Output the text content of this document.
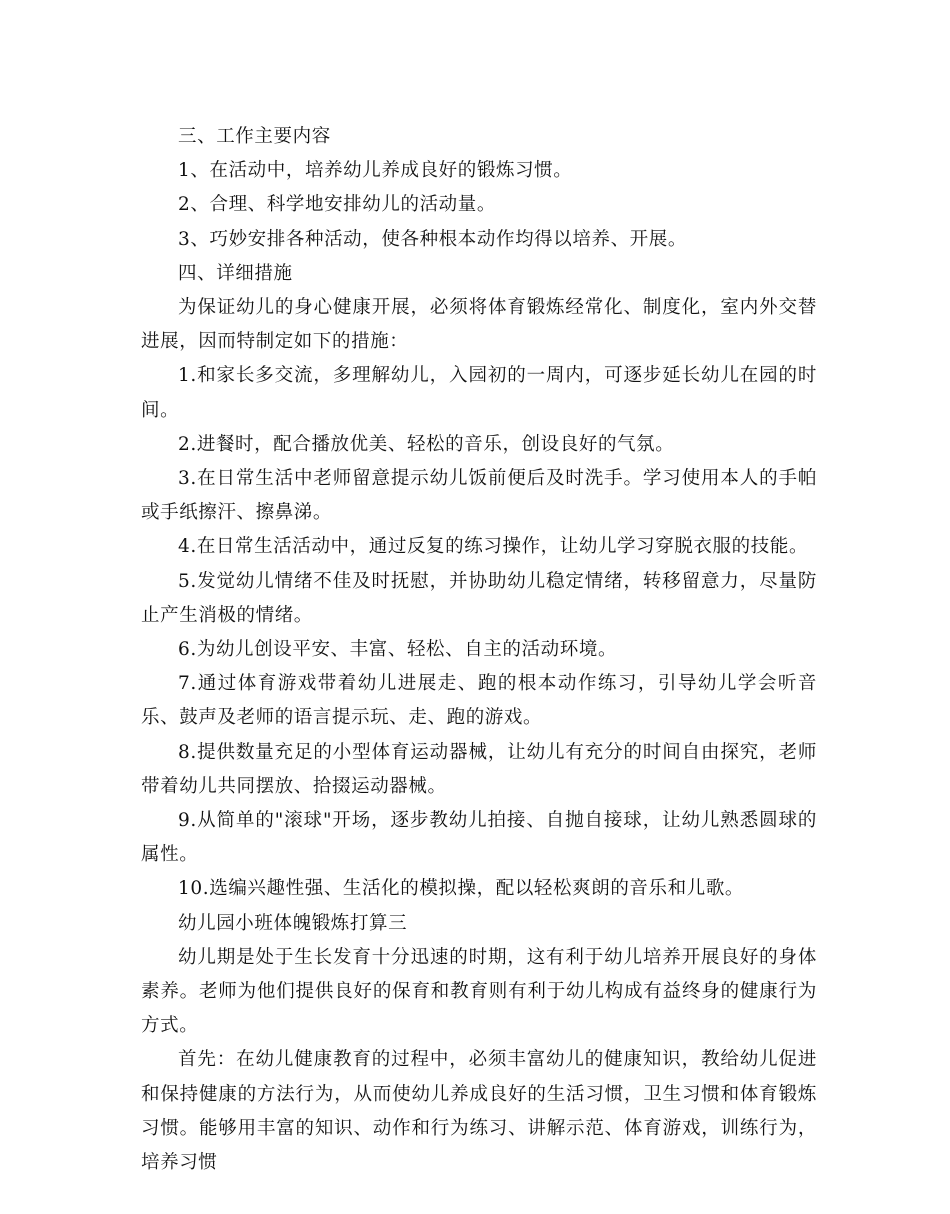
三、工作主要内容

1、在活动中，培养幼儿养成良好的锻炼习惯。

2、合理、科学地安排幼儿的活动量。

3、巧妙安排各种活动，使各种根本动作均得以培养、开展。

四、详细措施

为保证幼儿的身心健康开展，必须将体育锻炼经常化、制度化，室内外交替进展，因而特制定如下的措施：

1.和家长多交流，多理解幼儿，入园初的一周内，可逐步延长幼儿在园的时间。

2.进餐时，配合播放优美、轻松的音乐，创设良好的气氛。

3.在日常生活中老师留意提示幼儿饭前便后及时洗手。学习使用本人的手帕或手纸擦汗、擦鼻涕。

4.在日常生活活动中，通过反复的练习操作，让幼儿学习穿脱衣服的技能。

5.发觉幼儿情绪不佳及时抚慰，并协助幼儿稳定情绪，转移留意力，尽量防止产生消极的情绪。

6.为幼儿创设平安、丰富、轻松、自主的活动环境。

7.通过体育游戏带着幼儿进展走、跑的根本动作练习，引导幼儿学会听音乐、鼓声及老师的语言提示玩、走、跑的游戏。

8.提供数量充足的小型体育运动器械，让幼儿有充分的时间自由探究，老师带着幼儿共同摆放、拾掇运动器械。

9.从简单的"滚球"开场，逐步教幼儿拍接、自抛自接球，让幼儿熟悉圆球的属性。

10.选编兴趣性强、生活化的模拟操，配以轻松爽朗的音乐和儿歌。

幼儿园小班体魄锻炼打算三

幼儿期是处于生长发育十分迅速的时期，这有利于幼儿培养开展良好的身体素养。老师为他们提供良好的保育和教育则有利于幼儿构成有益终身的健康行为方式。

首先：在幼儿健康教育的过程中，必须丰富幼儿的健康知识，教给幼儿促进和保持健康的方法行为，从而使幼儿养成良好的生活习惯，卫生习惯和体育锻炼习惯。能够用丰富的知识、动作和行为练习、讲解示范、体育游戏，训练行为，培养习惯
